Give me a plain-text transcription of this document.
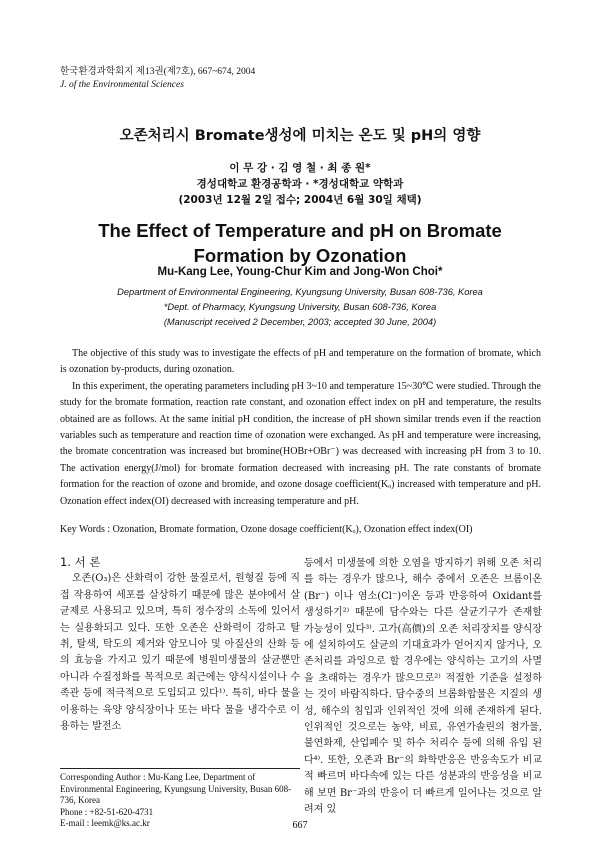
한국환경과학회지 제13권(제7호), 667~674, 2004
J. of the Environmental Sciences
오존처리시 Bromate생성에 미치는 온도 및 pH의 영향
이 무 강 · 김 영 철 · 최 종 원*
경성대학교 환경공학과 · *경성대학교 약학과
(2003년 12월 2일 접수; 2004년 6월 30일 채택)
The Effect of Temperature and pH on Bromate
Formation by Ozonation
Mu-Kang Lee, Young-Chur Kim and Jong-Won Choi*
Department of Environmental Engineering, Kyungsung University, Busan 608-736, Korea
*Dept. of Pharmacy, Kyungsung University, Busan 608-736, Korea
(Manuscript received 2 December, 2003; accepted 30 June, 2004)

The objective of this study was to investigate the effects of pH and temperature on the formation of bromate, which is ozonation by-products, during ozonation.

In this experiment, the operating parameters including pH 3~10 and temperature 15~30℃ were studied. Through the study for the bromate formation, reaction rate constant, and ozonation effect index on pH and temperature, the results obtained are as follows. At the same initial pH condition, the increase of pH shown similar trends even if the reaction variables such as temperature and reaction time of ozonation were exchanged. As pH and temperature were increasing, the bromate concentration was increased but bromine(HOBr+OBr⁻) was decreased with increasing pH from 3 to 10. The activation energy(J/mol) for bromate formation decreased with increasing pH. The rate constants of bromate formation for the reaction of ozone and bromide, and ozone dosage coefficient(Kₒ) increased with temperature and pH. Ozonation effect index(OI) decreased with increasing temperature and pH.

Key Words : Ozonation, Bromate formation, Ozone dosage coefficient(Kₒ), Ozonation effect index(OI)
1. 서 론

오존(O₃)은 산화력이 강한 물질로서, 원형질 등에 직접 작용하여 세포를 살상하기 때문에 많은 분야에서 살균제로 사용되고 있으며, 특히 정수장의 소독에 있어서는 실용화되고 있다. 또한 오존은 산화력이 강하고 탈취, 탈색, 탁도의 제거와 암모니아 및 아질산의 산화 등의 효능을 가지고 있기 때문에 병원미생물의 살균뿐만 아니라 수질정화를 목적으로 최근에는 양식시설이나 수족관 등에 적극적으로 도입되고 있다¹⁾. 특히, 바다 물을 이용하는 육양 양식장이나 또는 바다 물을 냉각수로 이용하는 발전소

등에서 미생물에 의한 오염을 방지하기 위해 오존 처리를 하는 경우가 많으나, 해수 중에서 오존은 브롬이온(Br⁻) 이나 염소(Cl⁻)이온 등과 반응하여 Oxidant를 생성하기²⁾ 때문에 담수와는 다른 살균기구가 존재할 가능성이 있다³⁾. 고가(高價)의 오존 처리장치를 양식장에 설치하여도 살균의 기대효과가 얻어지지 않거나, 오존처리를 과잉으로 할 경우에는 양식하는 고기의 사멸을 초래하는 경우가 많으므로²⁾ 적절한 기준을 설정하는 것이 바람직하다. 담수중의 브롬화합물은 지질의 생성, 해수의 침입과 인위적인 것에 의해 존재하게 된다. 인위적인 것으로는 농약, 비료, 유연가솔린의 첨가물, 불연화제, 산업폐수 및 하수 처리수 등에 의해 유입 된다⁴⁾. 또한, 오존과 Br⁻의 화학반응은 반응속도가 비교적 빠르며 바다속에 있는 다른 성분과의 반응성을 비교해 보면 Br⁻과의 반응이 더 빠르게 일어나는 것으로 알려져 있

Corresponding Author : Mu-Kang Lee, Department of Environmental Engineering, Kyungsung University, Busan 608-736, Korea
Phone : +82-51-620-4731
E-mail : leemk@ks.ac.kr	667
